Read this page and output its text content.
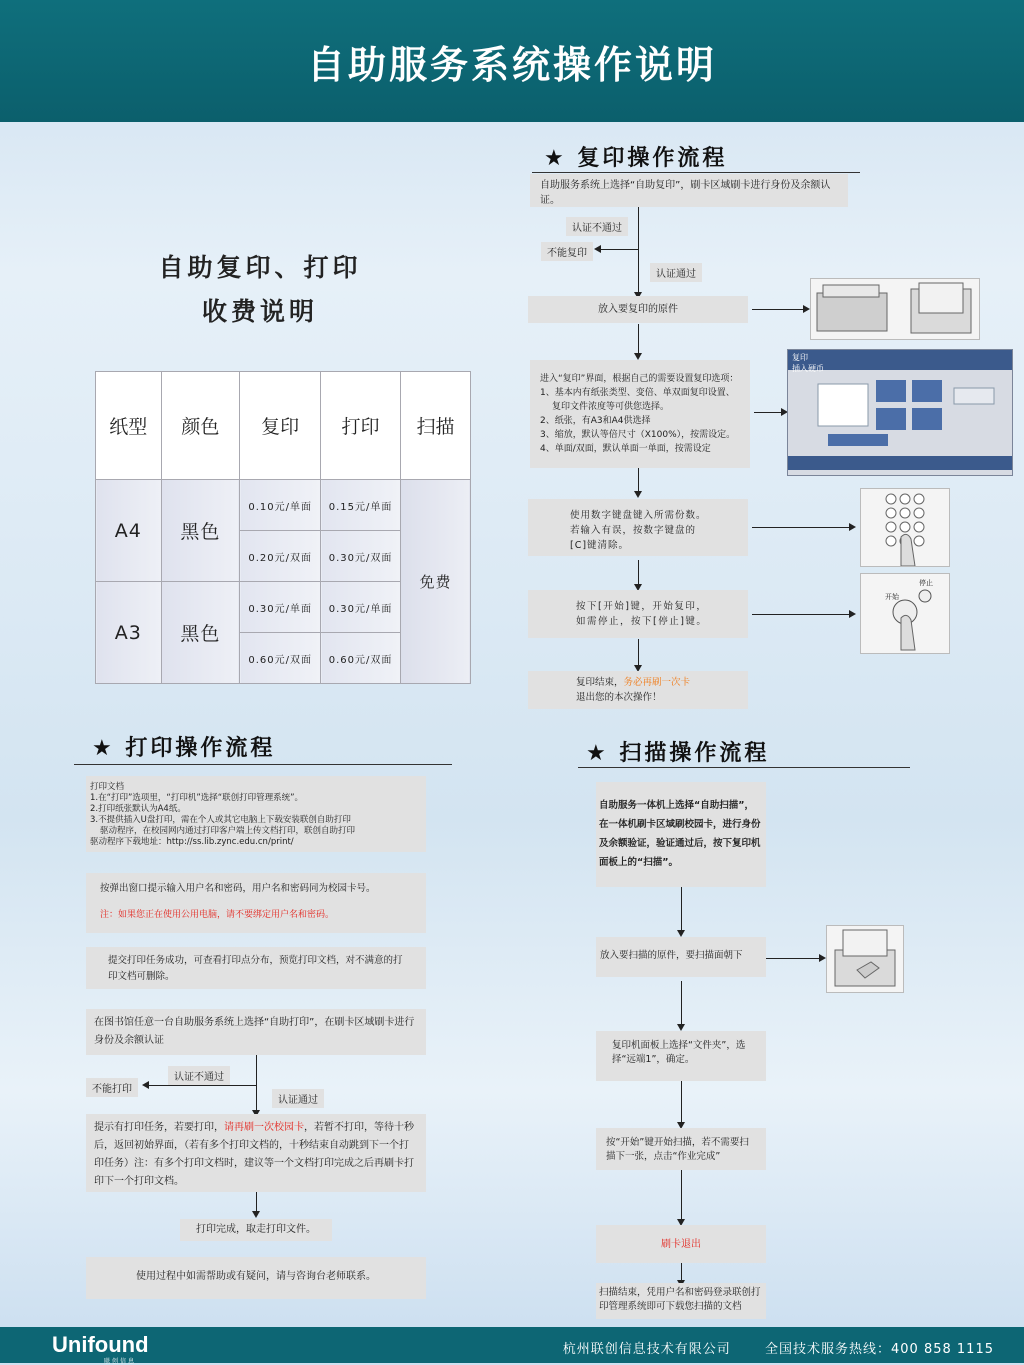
自助服务系统操作说明
自助复印、打印
收费说明
纸型	颜色	复印	打印	扫描
A4	黑色	0.10元/单面	0.15元/单面	免费
		0.20元/双面	0.30元/双面	
A3	黑色	0.30元/单面	0.30元/单面	
		0.60元/双面	0.60元/双面	
★ 复印操作流程
自助服务系统上选择“自助复印”，刷卡区域刷卡进行身份及余额认证。
认证不通过
不能复印
认证通过
放入要复印的原件
进入“复印”界面，根据自己的需要设置复印选项：
1、基本内有纸张类型、变倍、单双面复印设置、
复印文件浓度等可供您选择。
2、纸张，有A3和A4供选择
3、缩放，默认等倍尺寸（X100%），按需设定。
4、单面/双面，默认单面一单面，按需设定
复印
插入硬币
使用数字键盘键入所需份数。
若输入有误，按数字键盘的
[C]键清除。
按下[开始]键，开始复印，
如需停止，按下[停止]键。
开始
停止
复印结束，务必再刷一次卡
退出您的本次操作！
★ 打印操作流程
打印文档
1.在“打印”选项里，“打印机”选择“联创打印管理系统”。
2.打印纸张默认为A4纸。
3.不提供插入U盘打印，需在个人或其它电脑上下载安装联创自助打印
驱动程序，在校园网内通过打印客户端上传文档打印，联创自助打印
驱动程序下载地址：http://ss.lib.zync.edu.cn/print/
按弹出窗口提示输入用户名和密码，用户名和密码同为校园卡号。
注：如果您正在使用公用电脑，请不要绑定用户名和密码。
提交打印任务成功，可查看打印点分布，预览打印文档，对不满意的打印文档可删除。
在图书馆任意一台自助服务系统上选择“自助打印”，在刷卡区域刷卡进行身份及余额认证
认证不通过
不能打印
认证通过
提示有打印任务，若要打印，请再刷一次校园卡，若暂不打印，等待十秒后，返回初始界面，（若有多个打印文档的，十秒结束自动跳到下一个打印任务）注：有多个打印文档时，建议等一个文档打印完成之后再刷卡打印下一个打印文档。
打印完成，取走打印文件。
使用过程中如需帮助或有疑问，请与咨询台老师联系。
★ 扫描操作流程
自助服务一体机上选择“自助扫描”，在一体机刷卡区域刷校园卡，进行身份及余额验证，验证通过后，按下复印机面板上的“扫描”。
放入要扫描的原件，要扫描面朝下
复印机面板上选择“文件夹”，选择“远端1”，确定。
按“开始”键开始扫描，若不需要扫描下一张，点击“作业完成”
刷卡退出
扫描结束，凭用户名和密码登录联创打印管理系统即可下载您扫描的文档
Unifound
联创信息
杭州联创信息技术有限公司	全国技术服务热线：400 858 1115
